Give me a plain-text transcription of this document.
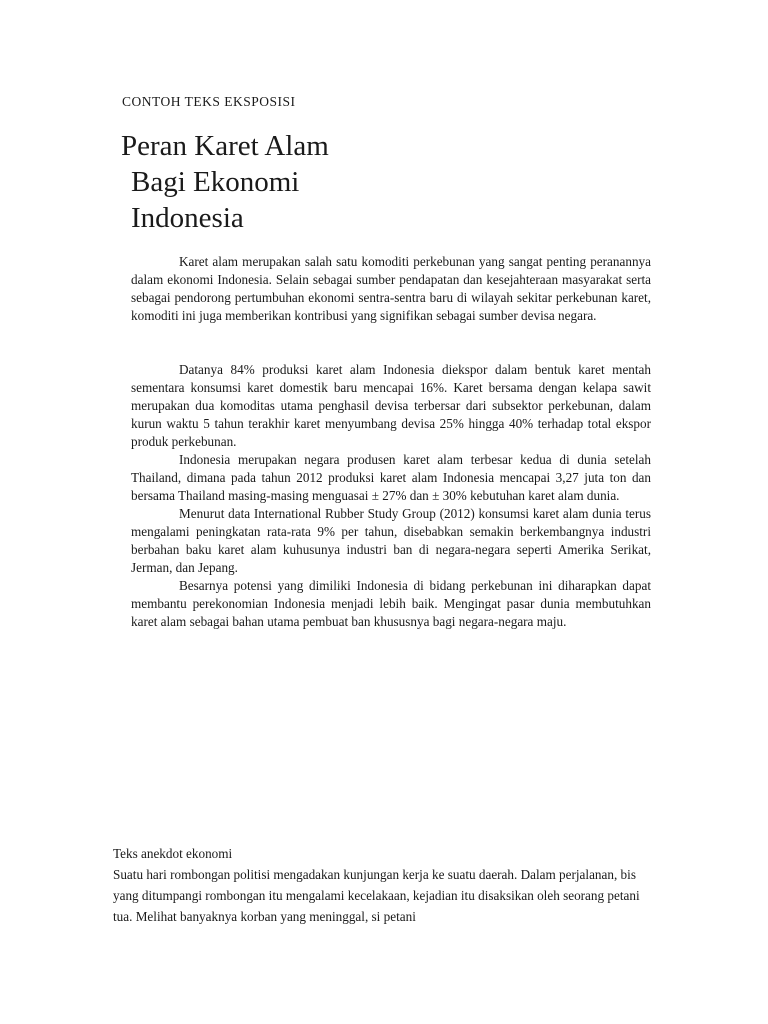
CONTOH TEKS EKSPOSISI
Peran Karet Alam
Bagi Ekonomi
Indonesia

Karet alam merupakan salah satu komoditi perkebunan yang sangat penting peranannya dalam ekonomi Indonesia. Selain sebagai sumber pendapatan dan kesejahteraan masyarakat serta sebagai pendorong pertumbuhan ekonomi sentra-sentra baru di wilayah sekitar perkebunan karet, komoditi ini juga memberikan kontribusi yang signifikan sebagai sumber devisa negara.

Datanya 84% produksi karet alam Indonesia diekspor dalam bentuk karet mentah sementara konsumsi karet domestik baru mencapai 16%. Karet bersama dengan kelapa sawit merupakan dua komoditas utama penghasil devisa terbersar dari subsektor perkebunan, dalam kurun waktu 5 tahun terakhir karet menyumbang devisa 25% hingga 40% terhadap total ekspor produk perkebunan.

Indonesia merupakan negara produsen karet alam terbesar kedua di dunia setelah Thailand, dimana pada tahun 2012 produksi karet alam Indonesia mencapai 3,27 juta ton dan bersama Thailand masing-masing menguasai ± 27% dan ± 30% kebutuhan karet alam dunia.

Menurut data International Rubber Study Group (2012) konsumsi karet alam dunia terus mengalami peningkatan rata-rata 9% per tahun, disebabkan semakin berkembangnya industri berbahan baku karet alam kuhusunya industri ban di negara-negara seperti Amerika Serikat, Jerman, dan Jepang.

Besarnya potensi yang dimiliki Indonesia di bidang perkebunan ini diharapkan dapat membantu perekonomian Indonesia menjadi lebih baik. Mengingat pasar dunia membutuhkan karet alam sebagai bahan utama pembuat ban khususnya bagi negara-negara maju.

Teks anekdot ekonomi

Suatu hari rombongan politisi mengadakan kunjungan kerja ke suatu daerah. Dalam perjalanan, bis yang ditumpangi rombongan itu mengalami kecelakaan, kejadian itu disaksikan oleh seorang petani tua. Melihat banyaknya korban yang meninggal, si petani
